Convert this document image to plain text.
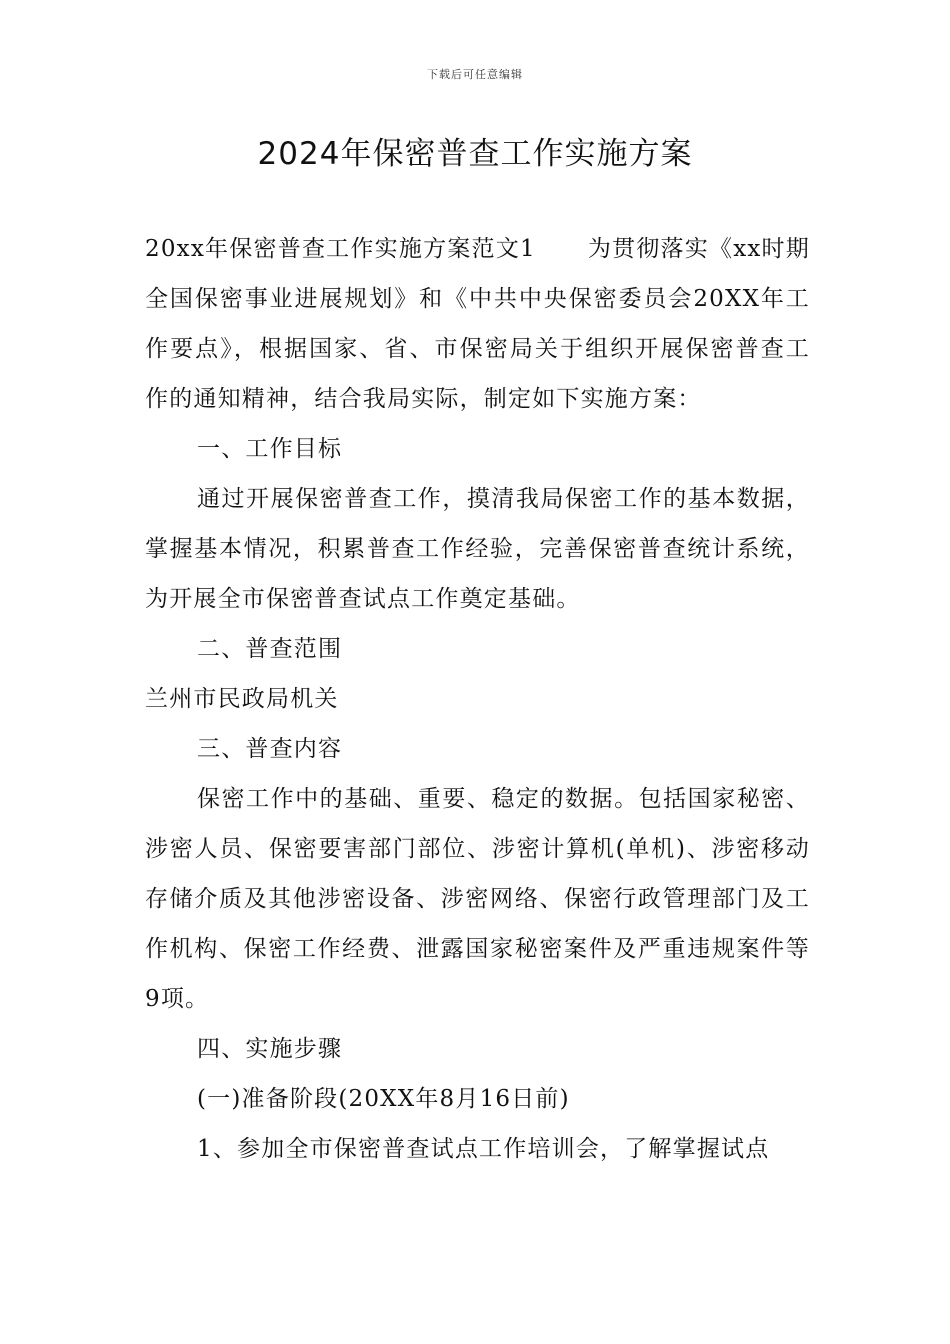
下载后可任意编辑
2024年保密普查工作实施方案

20xx年保密普查工作实施方案范文1 为贯彻落实《xx时期全国保密事业进展规划》和《中共中央保密委员会20XX年工作要点》，根据国家、省、市保密局关于组织开展保密普查工作的通知精神，结合我局实际，制定如下实施方案：

一、工作目标

通过开展保密普查工作，摸清我局保密工作的基本数据，掌握基本情况，积累普查工作经验，完善保密普查统计系统，为开展全市保密普查试点工作奠定基础。

二、普查范围

兰州市民政局机关

三、普查内容

保密工作中的基础、重要、稳定的数据。包括国家秘密、涉密人员、保密要害部门部位、涉密计算机(单机)、涉密移动存储介质及其他涉密设备、涉密网络、保密行政管理部门及工作机构、保密工作经费、泄露国家秘密案件及严重违规案件等9项。

四、实施步骤

(一)准备阶段(20XX年8月16日前)

1、参加全市保密普查试点工作培训会，了解掌握试点
